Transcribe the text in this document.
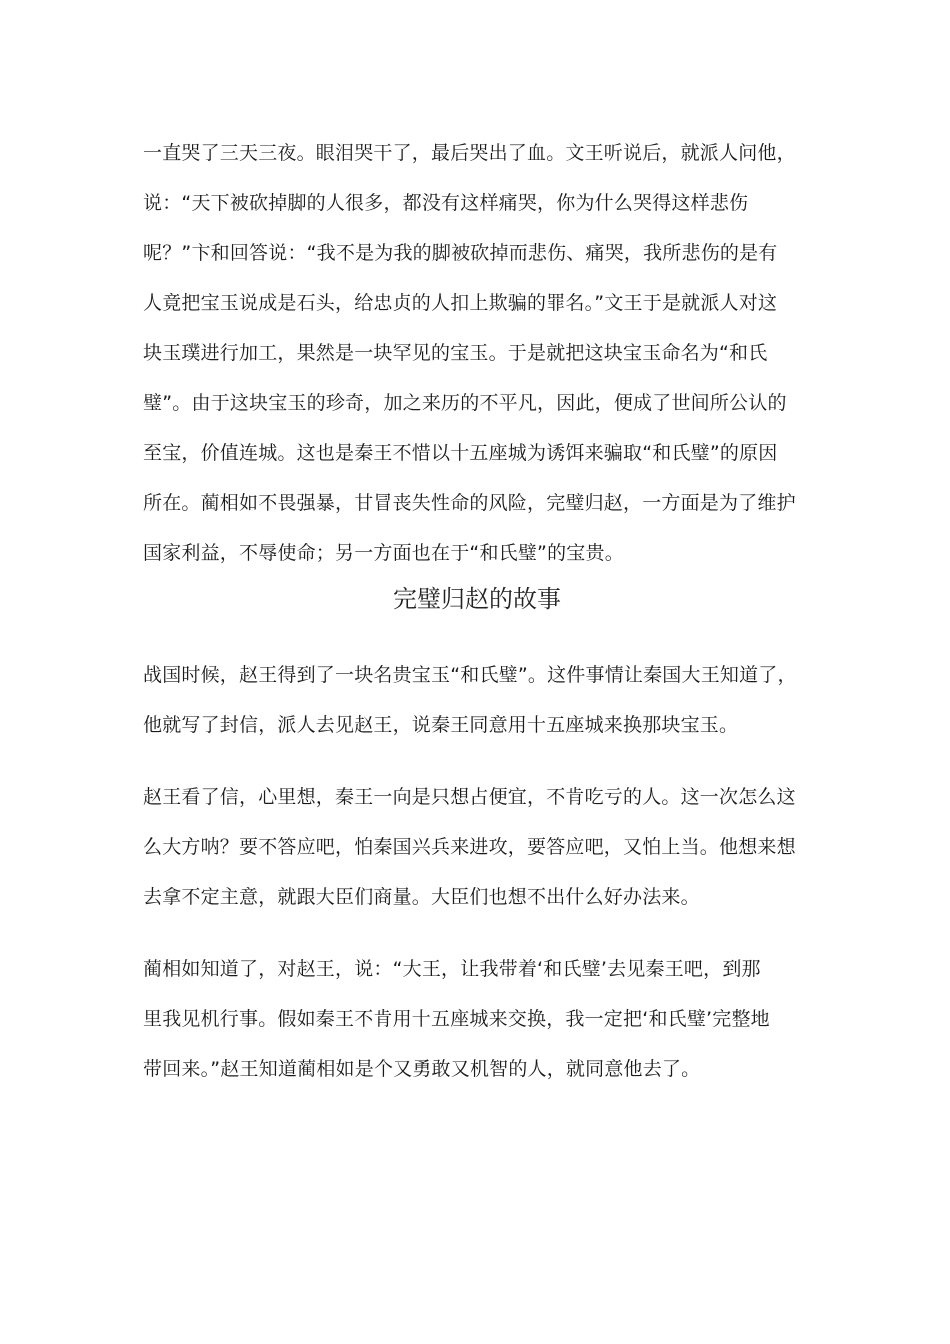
一直哭了三天三夜。眼泪哭干了，最后哭出了血。文王听说后，就派人问他，
说：“天下被砍掉脚的人很多，都没有这样痛哭，你为什么哭得这样悲伤
呢？”卞和回答说：“我不是为我的脚被砍掉而悲伤、痛哭，我所悲伤的是有
人竟把宝玉说成是石头，给忠贞的人扣上欺骗的罪名。”文王于是就派人对这
块玉璞进行加工，果然是一块罕见的宝玉。于是就把这块宝玉命名为“和氏
璧”。由于这块宝玉的珍奇，加之来历的不平凡，因此，便成了世间所公认的
至宝，价值连城。这也是秦王不惜以十五座城为诱饵来骗取“和氏璧”的原因
所在。蔺相如不畏强暴，甘冒丧失性命的风险，完璧归赵，一方面是为了维护
国家利益，不辱使命；另一方面也在于“和氏璧”的宝贵。

完璧归赵的故事

战国时候，赵王得到了一块名贵宝玉“和氏璧”。这件事情让秦国大王知道了，
他就写了封信，派人去见赵王，说秦王同意用十五座城来换那块宝玉。

赵王看了信，心里想，秦王一向是只想占便宜，不肯吃亏的人。这一次怎么这
么大方呐？要不答应吧，怕秦国兴兵来进攻，要答应吧，又怕上当。他想来想
去拿不定主意，就跟大臣们商量。大臣们也想不出什么好办法来。

蔺相如知道了，对赵王，说：“大王，让我带着‘和氏璧’去见秦王吧，到那
里我见机行事。假如秦王不肯用十五座城来交换，我一定把‘和氏璧’完整地
带回来。”赵王知道蔺相如是个又勇敢又机智的人，就同意他去了。
